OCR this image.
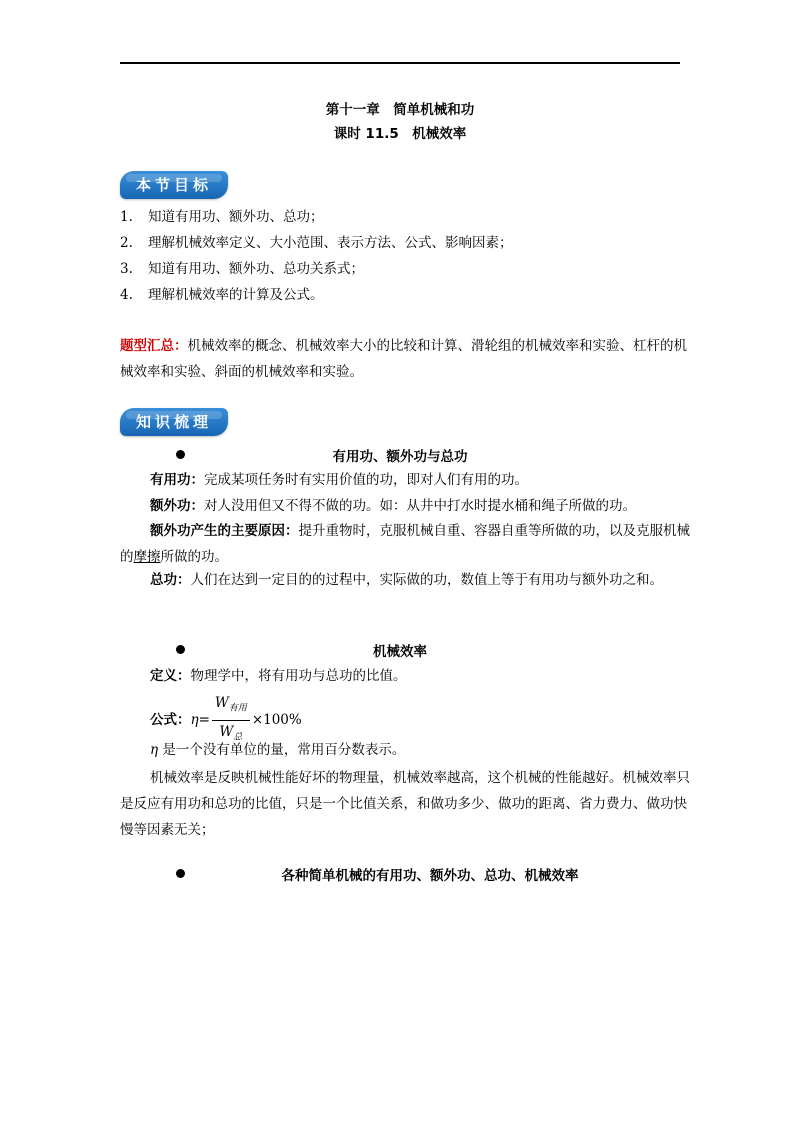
第十一章　简单机械和功
课时 11.5　机械效率
本节目标
1. 知道有用功、额外功、总功；
2. 理解机械效率定义、大小范围、表示方法、公式、影响因素；
3. 知道有用功、额外功、总功关系式；
4. 理解机械效率的计算及公式。
题型汇总：机械效率的概念、机械效率大小的比较和计算、滑轮组的机械效率和实验、杠杆的机械效率和实验、斜面的机械效率和实验。
知识梳理
有用功、额外功与总功
有用功：完成某项任务时有实用价值的功，即对人们有用的功。
额外功：对人没用但又不得不做的功。如：从井中打水时提水桶和绳子所做的功。
额外功产生的主要原因：提升重物时，克服机械自重、容器自重等所做的功，以及克服机械的摩擦所做的功。
总功：人们在达到一定目的的过程中，实际做的功，数值上等于有用功与额外功之和。
机械效率
定义：物理学中，将有用功与总功的比值。
公式：$\eta= \frac{W_{有用}}{W_总} \times 100\%$
η 是一个没有单位的量，常用百分数表示。
机械效率是反映机械性能好坏的物理量，机械效率越高，这个机械的性能越好。机械效率只是反应有用功和总功的比值，只是一个比值关系，和做功多少、做功的距离、省力费力、做功快慢等因素无关；
各种简单机械的有用功、额外功、总功、机械效率
